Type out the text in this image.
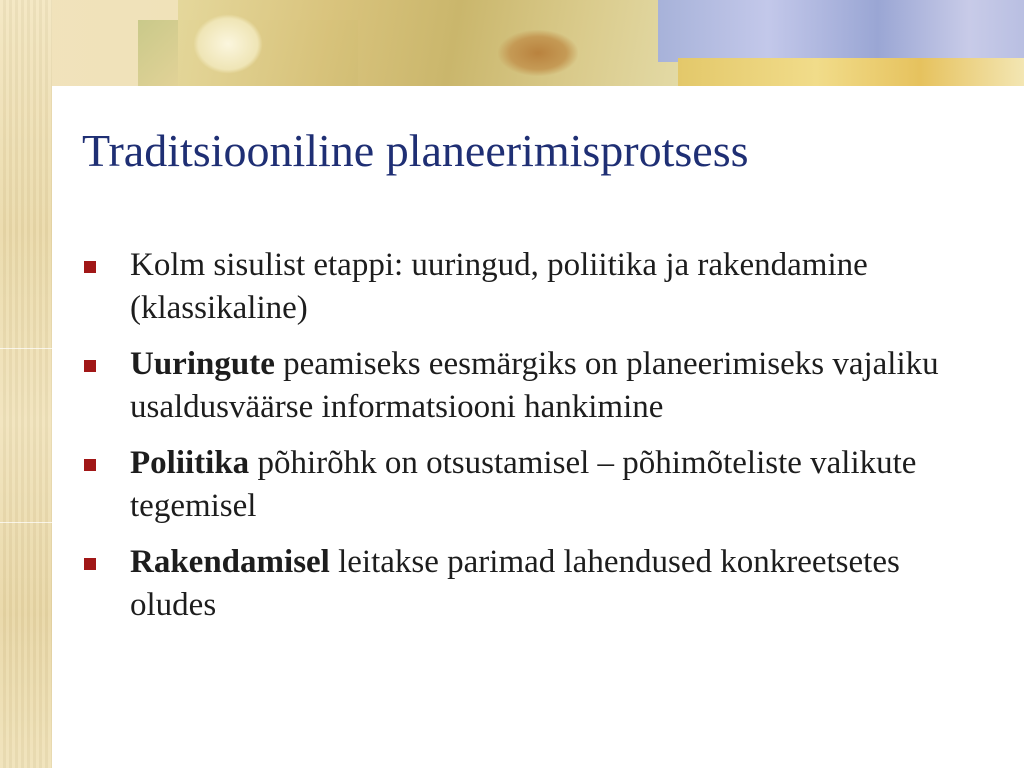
Traditsiooniline planeerimisprotsess
Kolm sisulist etappi: uuringud, poliitika ja rakendamine (klassikaline)
Uuringute peamiseks eesmärgiks on planeerimiseks vajaliku usaldusväärse informatsiooni hankimine
Poliitika põhirõhk on otsustamisel – põhimõteliste valikute tegemisel
Rakendamisel leitakse parimad lahendused konkreetsetes oludes
